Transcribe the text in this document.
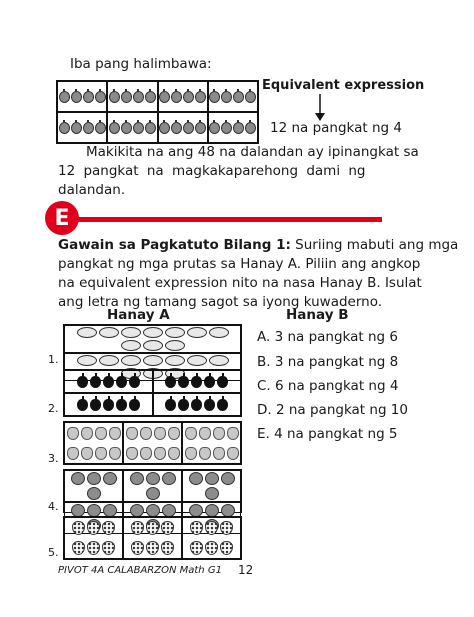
Iba pang halimbawa:
Equivalent expression
12 na pangkat ng 4
Makikita na ang 48 na dalandan ay ipinangkat sa
12 pangkat na magkakaparehong dami ng
dalandan.
E
Gawain sa Pagkatuto Bilang 1: Suriing mabuti ang mga
pangkat ng mga prutas sa Hanay A. Piliin ang angkop
na equivalent expression nito na nasa Hanay B. Isulat
ang letra ng tamang sagot sa iyong kuwaderno.
Hanay A	Hanay B
1.
2.
3.
4.
5.
A. 3 na pangkat ng 6
B. 3 na pangkat ng 8
C. 6 na pangkat ng 4
D. 2 na pangkat ng 10
E. 4 na pangkat ng 5
PIVOT 4A CALABARZON Math G1 12
